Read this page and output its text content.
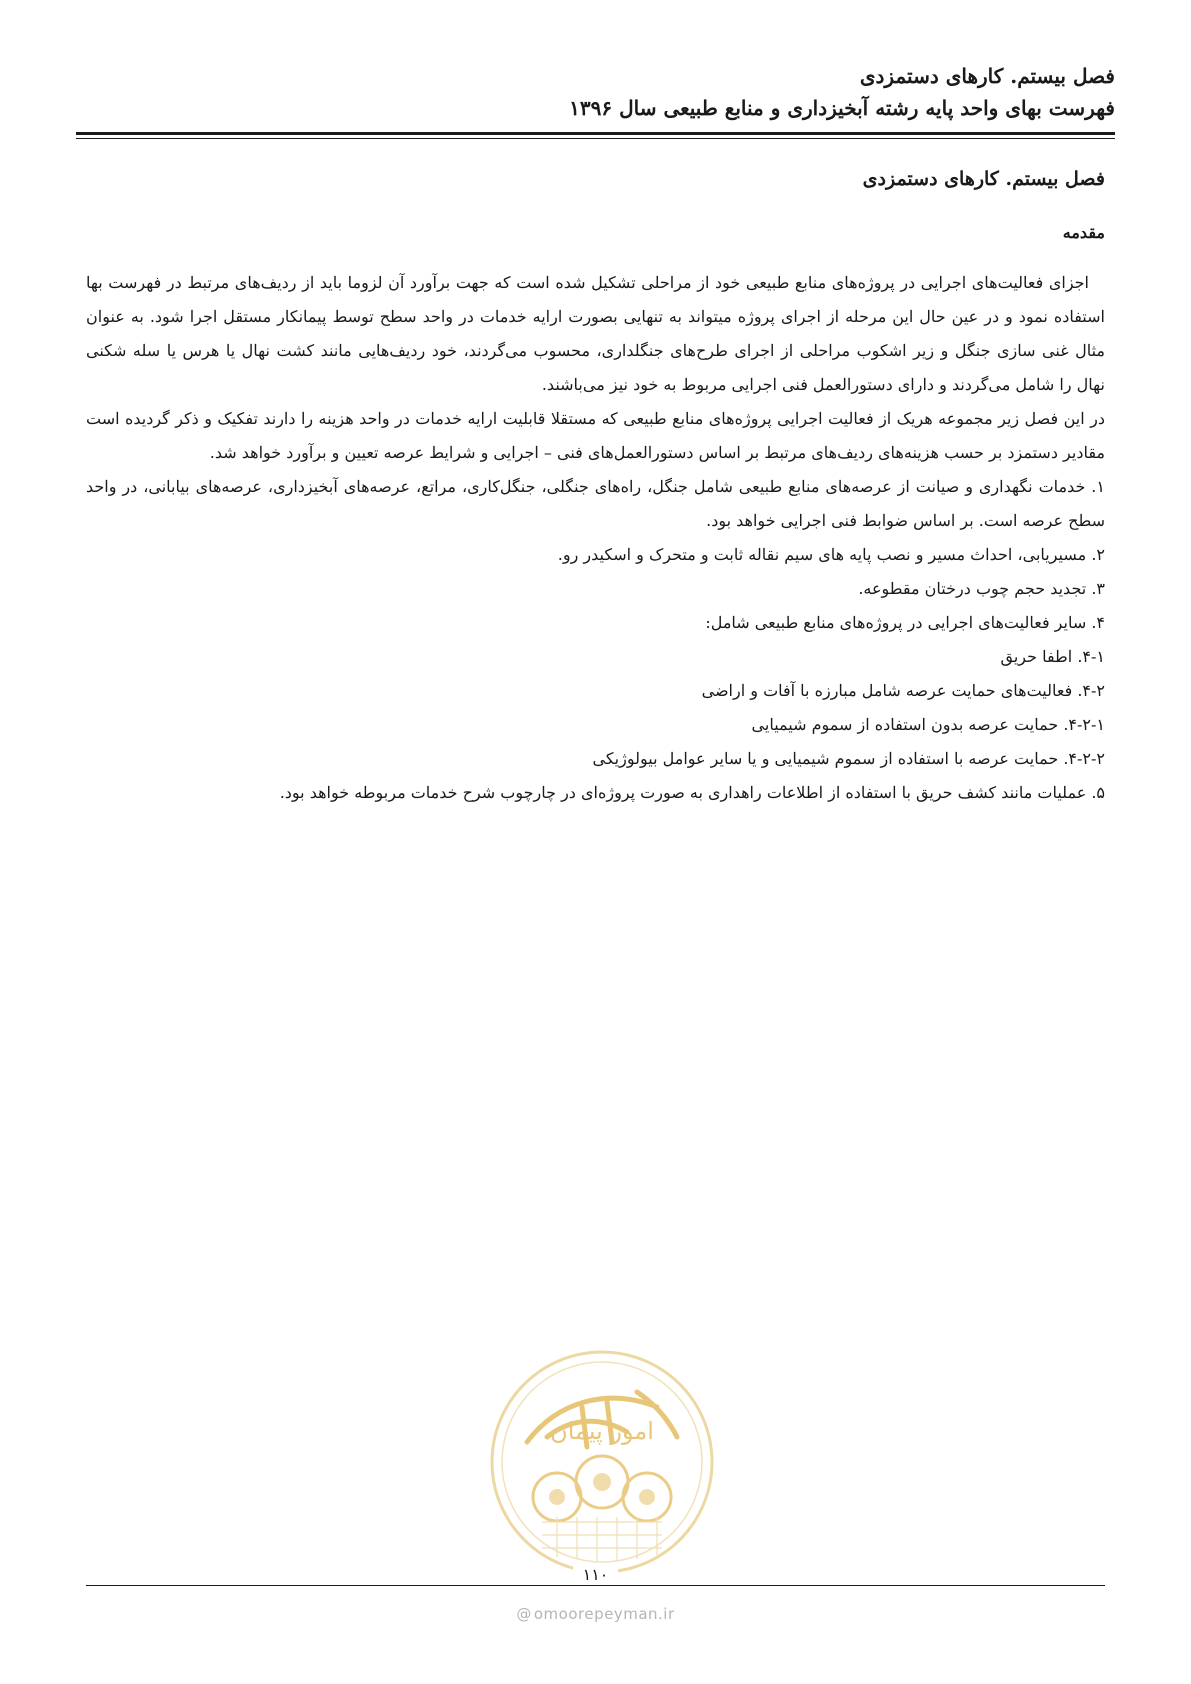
فصل بیستم. کارهای دستمزدی
فهرست بهای واحد پایه رشته آبخیزداری و منابع طبیعی سال ۱۳۹۶
فصل بیستم. کارهای دستمزدی
مقدمه

اجزای فعالیت‌های اجرایی در پروژه‌های منابع طبیعی خود از مراحلی تشکیل شده است که جهت برآورد آن لزوما باید از ردیف‌های مرتبط در فهرست بها استفاده نمود و در عین حال این مرحله از اجرای پروژه میتواند به تنهایی بصورت ارایه خدمات در واحد سطح توسط پیمانکار مستقل اجرا شود. به عنوان مثال غنی سازی جنگل و زیر اشکوب مراحلی از اجرای طرح‌های جنگلداری، محسوب می‌گردند، خود ردیف‌هایی مانند کشت نهال یا هرس یا سله شکنی نهال را شامل می‌گردند و دارای دستورالعمل فنی اجرایی مربوط به خود نیز می‌باشند.

در این فصل زیر مجموعه هریک از فعالیت اجرایی پروژه‌های منابع طبیعی که مستقلا قابلیت ارایه خدمات در واحد هزینه را دارند تفکیک و ذکر گردیده است مقادیر دستمزد بر حسب هزینه‌های ردیف‌های مرتبط بر اساس دستورالعمل‌های فنی – اجرایی و شرایط عرصه تعیین و برآورد خواهد شد.

۱. خدمات نگهداری و صیانت از عرصه‌های منابع طبیعی شامل جنگل، راه‌های جنگلی، جنگل‌کاری، مراتع، عرصه‌های آبخیزداری، عرصه‌های بیابانی، در واحد سطح عرصه است. بر اساس ضوابط فنی اجرایی خواهد بود.

۲. مسیریابی، احداث مسیر و نصب پایه های سیم نقاله ثابت و متحرک و اسکیدر رو.

۳. تجدید حجم چوب درختان مقطوعه.

۴. سایر فعالیت‌های اجرایی در پروژه‌های منابع طبیعی شامل:

۴-۱. اطفا حریق

۴-۲. فعالیت‌های حمایت عرصه شامل مبارزه با آفات و اراضی

۴-۲-۱. حمایت عرصه بدون استفاده از سموم شیمیایی

۴-۲-۲. حمایت عرصه با استفاده از سموم شیمیایی و یا سایر عوامل بیولوژیکی

۵. عملیات مانند کشف حریق با استفاده از اطلاعات راهداری به صورت پروژه‌ای در چارچوب شرح خدمات مربوطه خواهد بود.

امور پیمان
۱۱۰
@ omoorepeyman.ir
